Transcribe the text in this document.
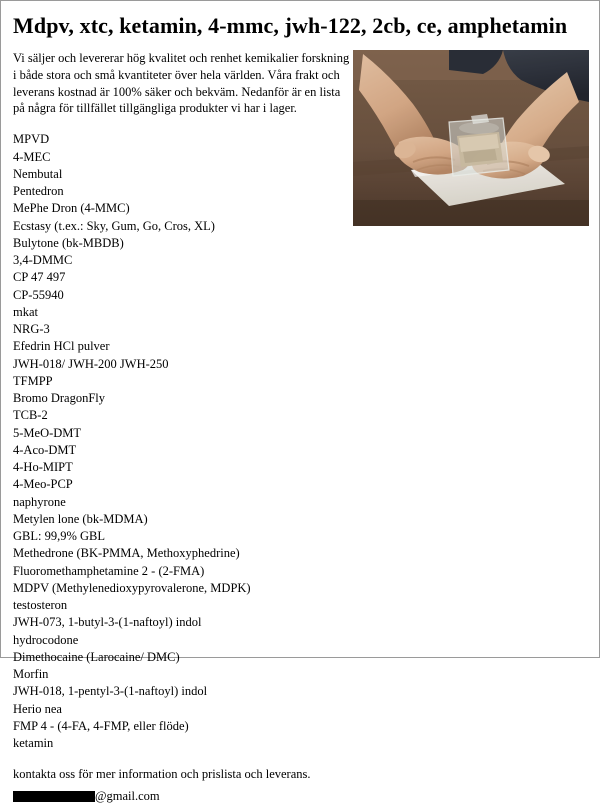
Mdpv, xtc, ketamin, 4-mmc, jwh-122, 2cb, ce, amphetamin

Vi säljer och levererar hög kvalitet och renhet kemikalier forskning i både stora och små kvantiteter över hela världen. Våra frakt och leverans kostnad är 100% säker och bekväm. Nedanför är en lista på några för tillfället tillgängliga produkter vi har i lager.

MPVD
4-MEC
Nembutal
Pentedron
MePhe Dron (4-MMC)
Ecstasy (t.ex.: Sky, Gum, Go, Cros, XL)
Bulytone (bk-MBDB)
3,4-DMMC
CP 47 497
CP-55940
mkat
NRG-3
Efedrin HCl pulver
JWH-018/ JWH-200 JWH-250
TFMPP
Bromo DragonFly
TCB-2
5-MeO-DMT
4-Aco-DMT
4-Ho-MIPT
4-Meo-PCP
naphyrone
Metylen lone (bk-MDMA)
GBL: 99,9% GBL
Methedrone (BK-PMMA, Methoxyphedrine)
Fluoromethamphetamine 2 - (2-FMA)
MDPV (Methylenedioxypyrovalerone, MDPK)
testosteron
JWH-073, 1-butyl-3-(1-naftoyl) indol
hydrocodone
Dimethocaine (Larocaine/ DMC)
Morfin
JWH-018, 1-pentyl-3-(1-naftoyl) indol
Herio nea
FMP 4 - (4-FA, 4-FMP, eller flöde)
ketamin
kontakta oss för mer information och prislista och leverans.
@gmail.com
